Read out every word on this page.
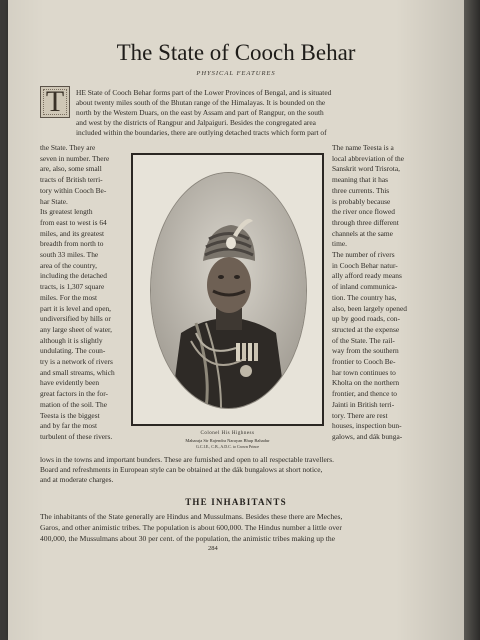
The State of Cooch Behar
PHYSICAL FEATURES
T	HE State of Cooch Behar forms part of the Lower Provinces of Bengal, and is situated
about twenty miles south of the Bhutan range of the Himalayas. It is bounded on the
north by the Western Duars, on the east by Assam and part of Rangpur, on the south
and west by the districts of Rangpur and Jalpaiguri. Besides the congregated area
included within the boundaries, there are outlying detached tracts which form part of
the State. They are
seven in number. There
are, also, some small
tracts of British terri-
tory within Cooch Be-
har State.
Its greatest length
from east to west is 64
miles, and its greatest
breadth from north to
south 33 miles. The
area of the country,
including the detached
tracts, is 1,307 square
miles. For the most
part it is level and open,
undiversified by hills or
any large sheet of water,
although it is slightly
undulating. The coun-
try is a network of rivers
and small streams, which
have evidently been
great factors in the for-
mation of the soil. The
Teesta is the biggest
and by far the most
turbulent of these rivers.
The name Teesta is a
local abbreviation of the
Sanskrit word Trisrota,
meaning that it has
three currents. This
is probably because
the river once flowed
through three different
channels at the same
time.
The number of rivers
in Cooch Behar natur-
ally afford ready means
of inland communica-
tion. The country has,
also, been largely opened
up by good roads, con-
structed at the expense
of the State. The rail-
way from the southern
frontier to Cooch Be-
har town continues to
Kholta on the northern
frontier, and thence to
Jainti in British terri-
tory. There are rest
houses, inspection bun-
galows, and dák bunga-
Colonel His Highness
Maharaja Sir Rajendra Narayan Bhup Bahadur
G.C.I.E., C.B., A.D.C. to Crown Prince
lows in the towns and important bunders. These are furnished and open to all respectable travellers.
Board and refreshments in European style can be obtained at the dák bungalows at short notice,
and at moderate charges.
THE INHABITANTS
The inhabitants of the State generally are Hindus and Mussulmans. Besides these there are Meches,
Garos, and other animistic tribes. The population is about 600,000. The Hindus number a little over
400,000, the Mussulmans about 30 per cent. of the population, the animistic tribes making up the
284
